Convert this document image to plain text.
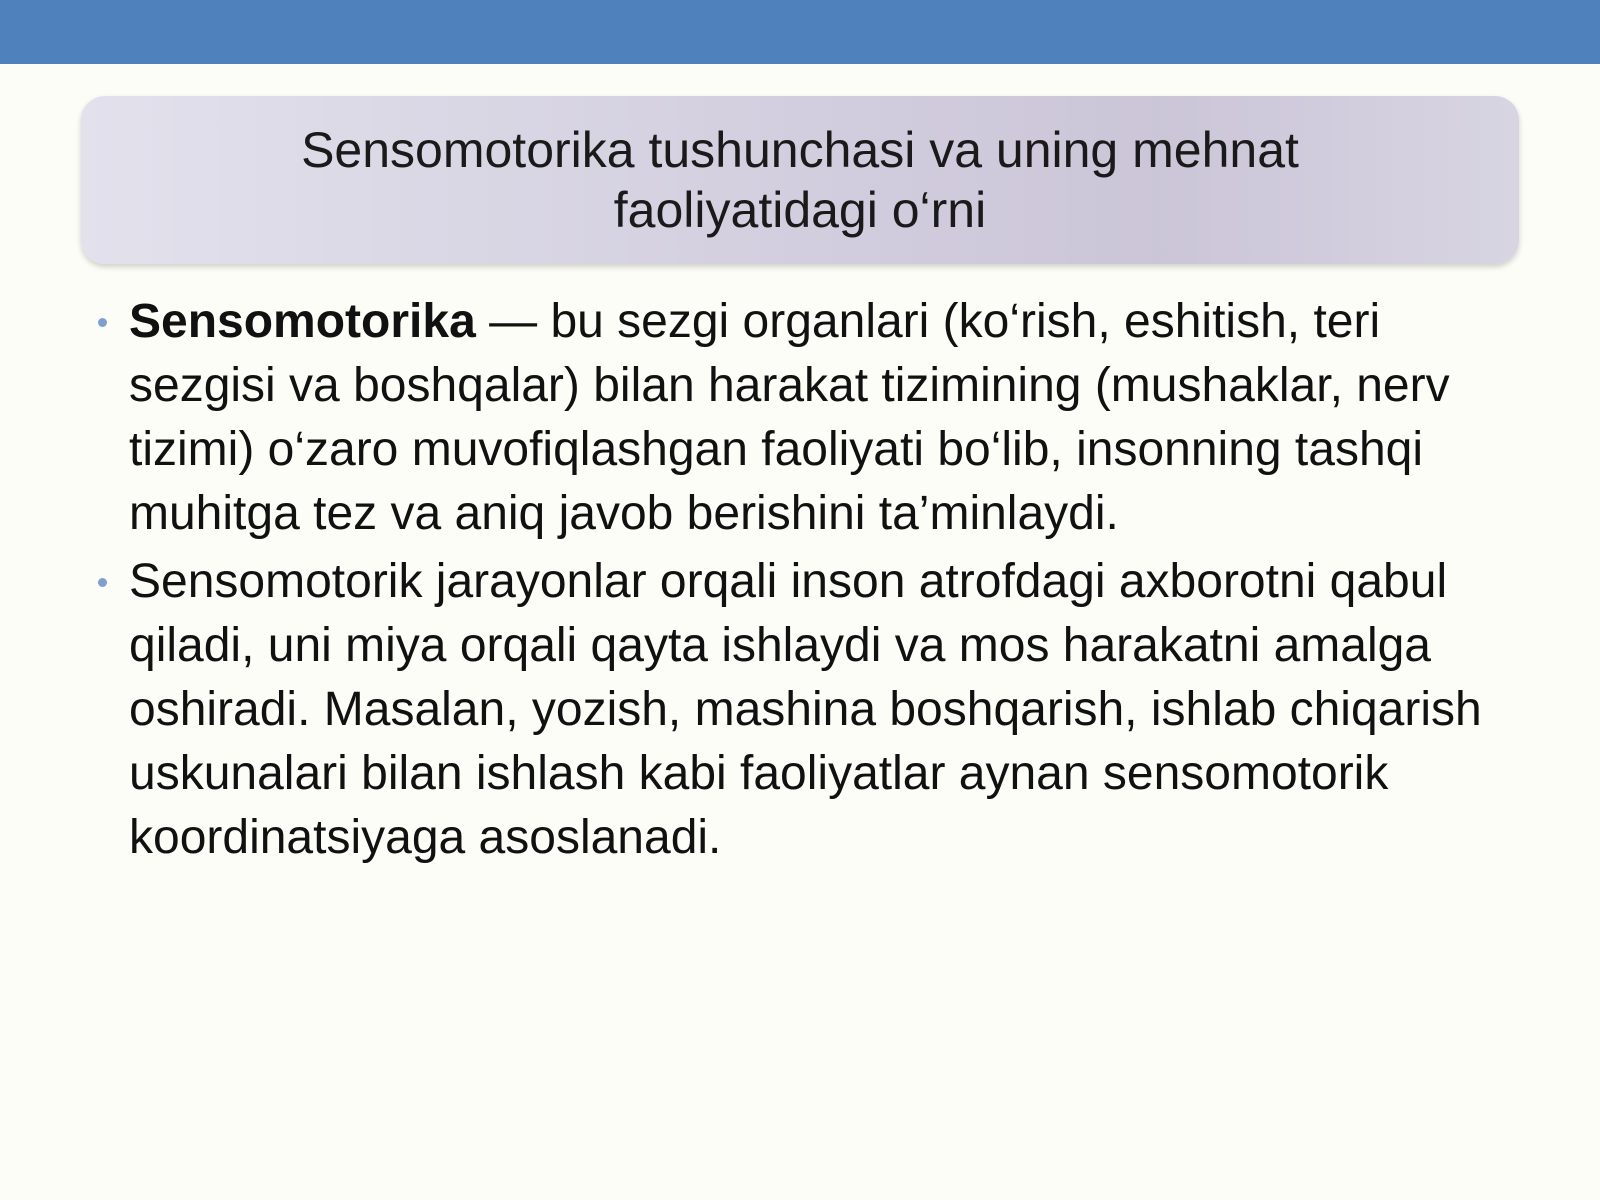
Sensomotorika tushunchasi va uning mehnat
faoliyatidagi o‘rni
Sensomotorika — bu sezgi organlari (ko‘rish, eshitish, teri sezgisi va boshqalar) bilan harakat tizimining (mushaklar, nerv tizimi) o‘zaro muvofiqlashgan faoliyati bo‘lib, insonning tashqi muhitga tez va aniq javob berishini ta’minlaydi.
Sensomotorik jarayonlar orqali inson atrofdagi axborotni qabul qiladi, uni miya orqali qayta ishlaydi va mos harakatni amalga oshiradi. Masalan, yozish, mashina boshqarish, ishlab chiqarish uskunalari bilan ishlash kabi faoliyatlar aynan sensomotorik koordinatsiyaga asoslanadi.
